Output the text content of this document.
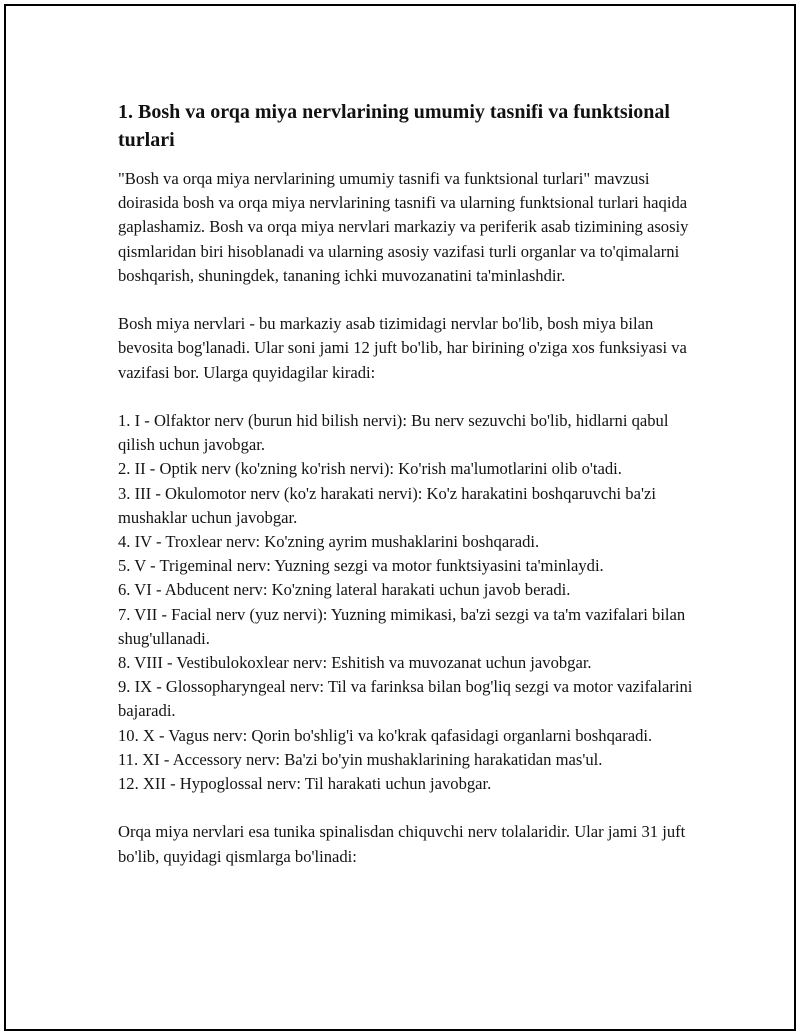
1. Bosh va orqa miya nervlarining umumiy tasnifi va funktsional turlari

"Bosh va orqa miya nervlarining umumiy tasnifi va funktsional turlari" mavzusi doirasida bosh va orqa miya nervlarining tasnifi va ularning funktsional turlari haqida gaplashamiz. Bosh va orqa miya nervlari markaziy va periferik asab tizimining asosiy qismlaridan biri hisoblanadi va ularning asosiy vazifasi turli organlar va to'qimalarni boshqarish, shuningdek, tananing ichki muvozanatini ta'minlashdir.

Bosh miya nervlari - bu markaziy asab tizimidagi nervlar bo'lib, bosh miya bilan bevosita bog'lanadi. Ular soni jami 12 juft bo'lib, har birining o'ziga xos funksiyasi va vazifasi bor. Ularga quyidagilar kiradi:

1. I - Olfaktor nerv (burun hid bilish nervi): Bu nerv sezuvchi bo'lib, hidlarni qabul qilish uchun javobgar.

2. II - Optik nerv (ko'zning ko'rish nervi): Ko'rish ma'lumotlarini olib o'tadi.

3. III - Okulomotor nerv (ko'z harakati nervi): Ko'z harakatini boshqaruvchi ba'zi mushaklar uchun javobgar.

4. IV - Troxlear nerv: Ko'zning ayrim mushaklarini boshqaradi.

5. V - Trigeminal nerv: Yuzning sezgi va motor funktsiyasini ta'minlaydi.

6. VI - Abducent nerv: Ko'zning lateral harakati uchun javob beradi.

7. VII - Facial nerv (yuz nervi): Yuzning mimikasi, ba'zi sezgi va ta'm vazifalari bilan shug'ullanadi.

8. VIII - Vestibulokoxlear nerv: Eshitish va muvozanat uchun javobgar.

9. IX - Glossopharyngeal nerv: Til va farinksa bilan bog'liq sezgi va motor vazifalarini bajaradi.

10. X - Vagus nerv: Qorin bo'shlig'i va ko'krak qafasidagi organlarni boshqaradi.

11. XI - Accessory nerv: Ba'zi bo'yin mushaklarining harakatidan mas'ul.

12. XII - Hypoglossal nerv: Til harakati uchun javobgar.

Orqa miya nervlari esa tunika spinalisdan chiquvchi nerv tolalaridir. Ular jami 31 juft bo'lib, quyidagi qismlarga bo'linadi:
